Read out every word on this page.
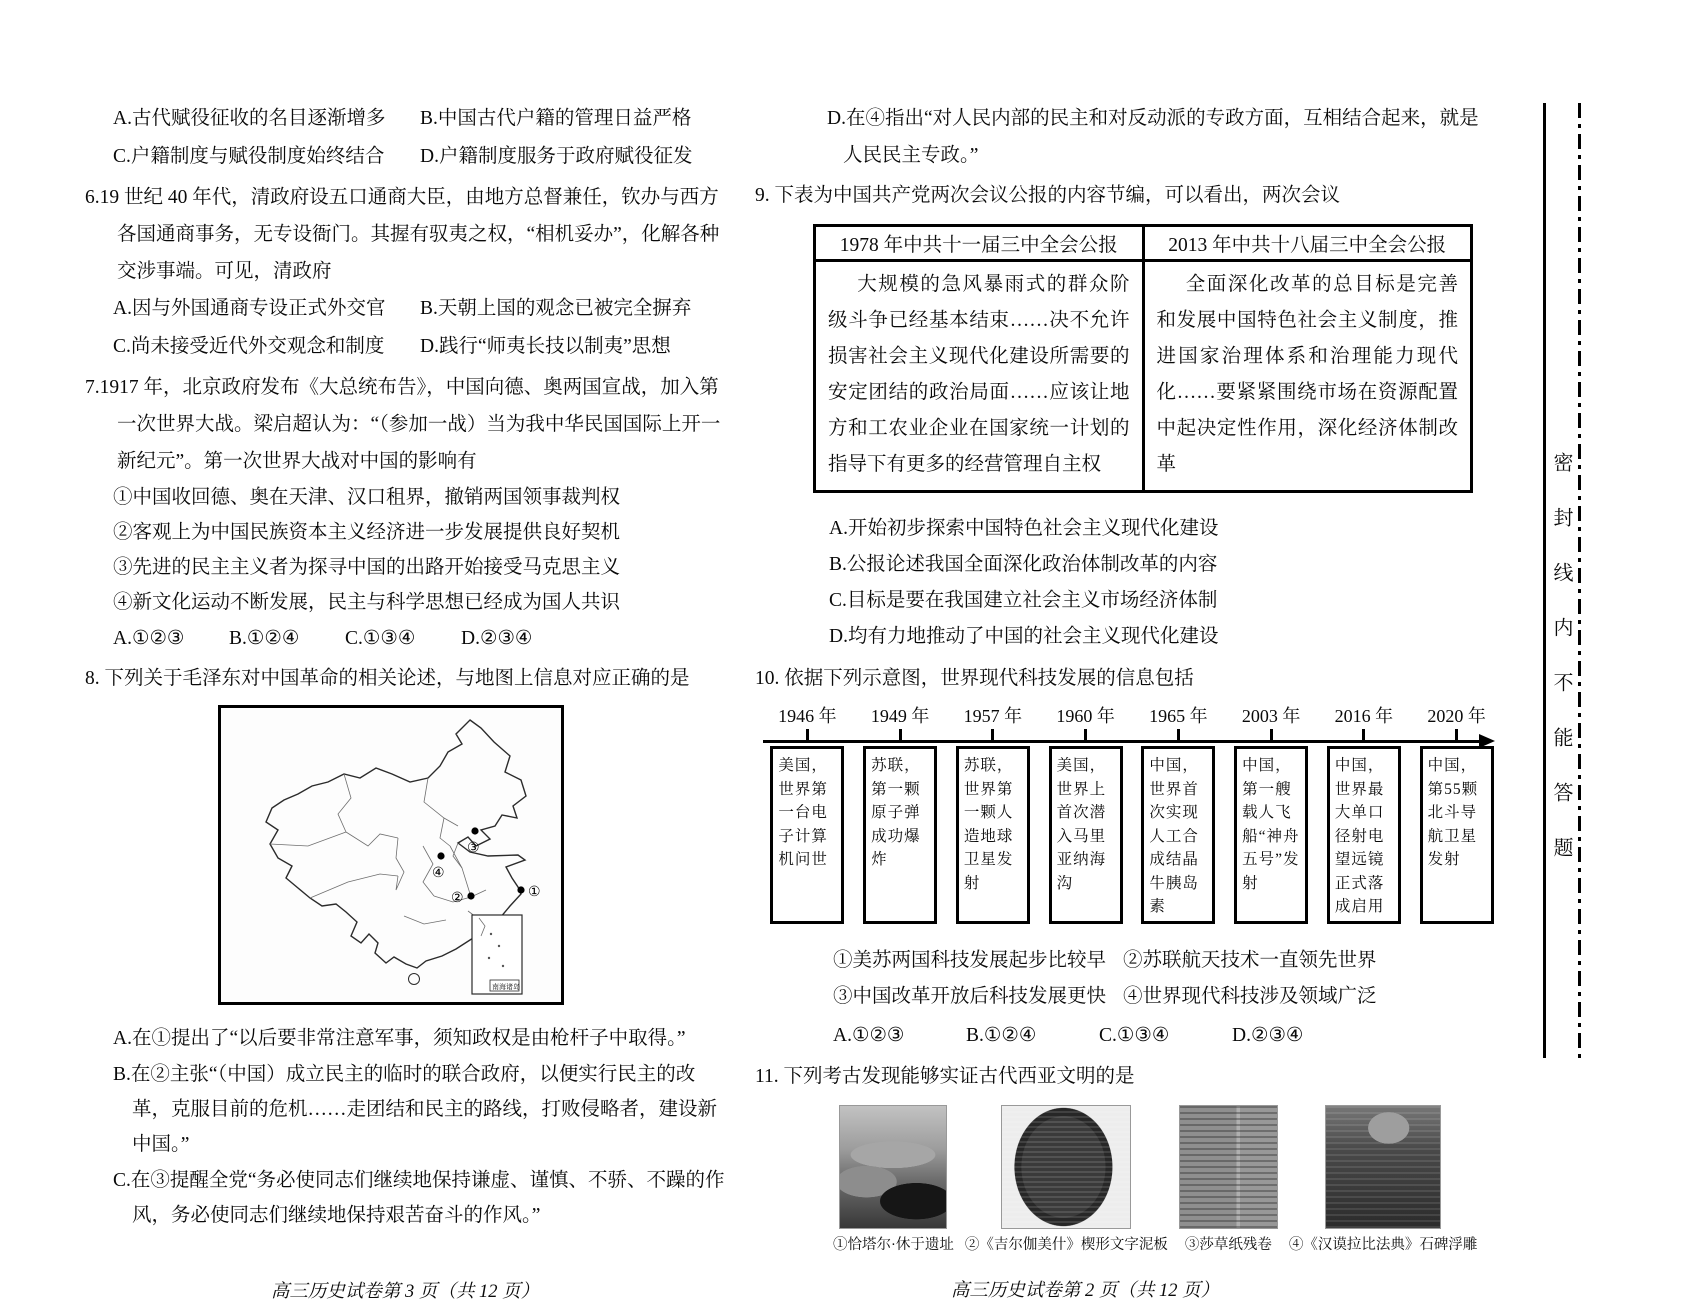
A.古代赋役征收的名目逐渐增多	B.中国古代户籍的管理日益严格
C.户籍制度与赋役制度始终结合	D.户籍制度服务于政府赋役征发

6.19 世纪 40 年代，清政府设五口通商大臣，由地方总督兼任，钦办与西方各国通商事务，无专设衙门。其握有驭夷之权，“相机妥办”，化解各种交涉事端。可见，清政府

A.因与外国通商专设正式外交官	B.天朝上国的观念已被完全摒弃
C.尚未接受近代外交观念和制度	D.践行“师夷长技以制夷”思想

7.1917 年，北京政府发布《大总统布告》，中国向德、奥两国宣战，加入第一次世界大战。梁启超认为：“（参加一战）当为我中华民国国际上开一新纪元”。第一次世界大战对中国的影响有

①中国收回德、奥在天津、汉口租界，撤销两国领事裁判权

②客观上为中国民族资本主义经济进一步发展提供良好契机

③先进的民主主义者为探寻中国的出路开始接受马克思主义

④新文化运动不断发展，民主与科学思想已经成为国人共识

A.①②③	B.①②④	C.①③④	D.②③④

8. 下列关于毛泽东对中国革命的相关论述，与地图上信息对应正确的是

南海诸岛
③
④
②	①

A.在①提出了“以后要非常注意军事，须知政权是由枪杆子中取得。”

B.在②主张“（中国）成立民主的临时的联合政府，以便实行民主的改革，克服目前的危机……走团结和民主的路线，打败侵略者，建设新中国。”

C.在③提醒全党“务必使同志们继续地保持谦虚、谨慎、不骄、不躁的作风，务必使同志们继续地保持艰苦奋斗的作风。”

高三历史试卷第 3 页（共 12 页）

D.在④指出“对人民内部的民主和对反动派的专政方面，互相结合起来，就是人民民主专政。”

9. 下表为中国共产党两次会议公报的内容节编，可以看出，两次会议

1978 年中共十一届三中全会公报	2013 年中共十八届三中全会公报

大规模的急风暴雨式的群众阶级斗争已经基本结束……决不允许损害社会主义现代化建设所需要的安定团结的政治局面……应该让地方和工农业企业在国家统一计划的指导下有更多的经营管理自主权	全面深化改革的总目标是完善和发展中国特色社会主义制度，推进国家治理体系和治理能力现代化……要紧紧围绕市场在资源配置中起决定性作用，深化经济体制改革

A.开始初步探索中国特色社会主义现代化建设

B.公报论述我国全面深化政治体制改革的内容

C.目标是要在我国建立社会主义市场经济体制

D.均有力地推动了中国的社会主义现代化建设

10. 依据下列示意图，世界现代科技发展的信息包括

1946 年
美国，世界第一台电子计算机问世
1949 年
苏联，第一颗原子弹成功爆炸
1957 年
苏联，世界第一颗人造地球卫星发射
1960 年
美国，世界上首次潜入马里亚纳海沟
1965 年
中国，世界首次实现人工合成结晶牛胰岛素
2003 年
中国，第一艘载人飞船“神舟五号”发射
2016 年
中国，世界最大单口径射电望远镜正式落成启用
2020 年
中国，第55颗北斗导航卫星发射
①美苏两国科技发展起步比较早 ②苏联航天技术一直领先世界
③中国改革开放后科技发展更快 ④世界现代科技涉及领域广泛
A.①②③	B.①②④	C.①③④	D.②③④

11. 下列考古发现能够实证古代西亚文明的是

①恰塔尔·休于遗址 ②《吉尔伽美什》楔形文字泥板 ③莎草纸残卷 ④《汉谟拉比法典》石碑浮雕
高三历史试卷第 2 页（共 12 页）
密封线内不能答题
